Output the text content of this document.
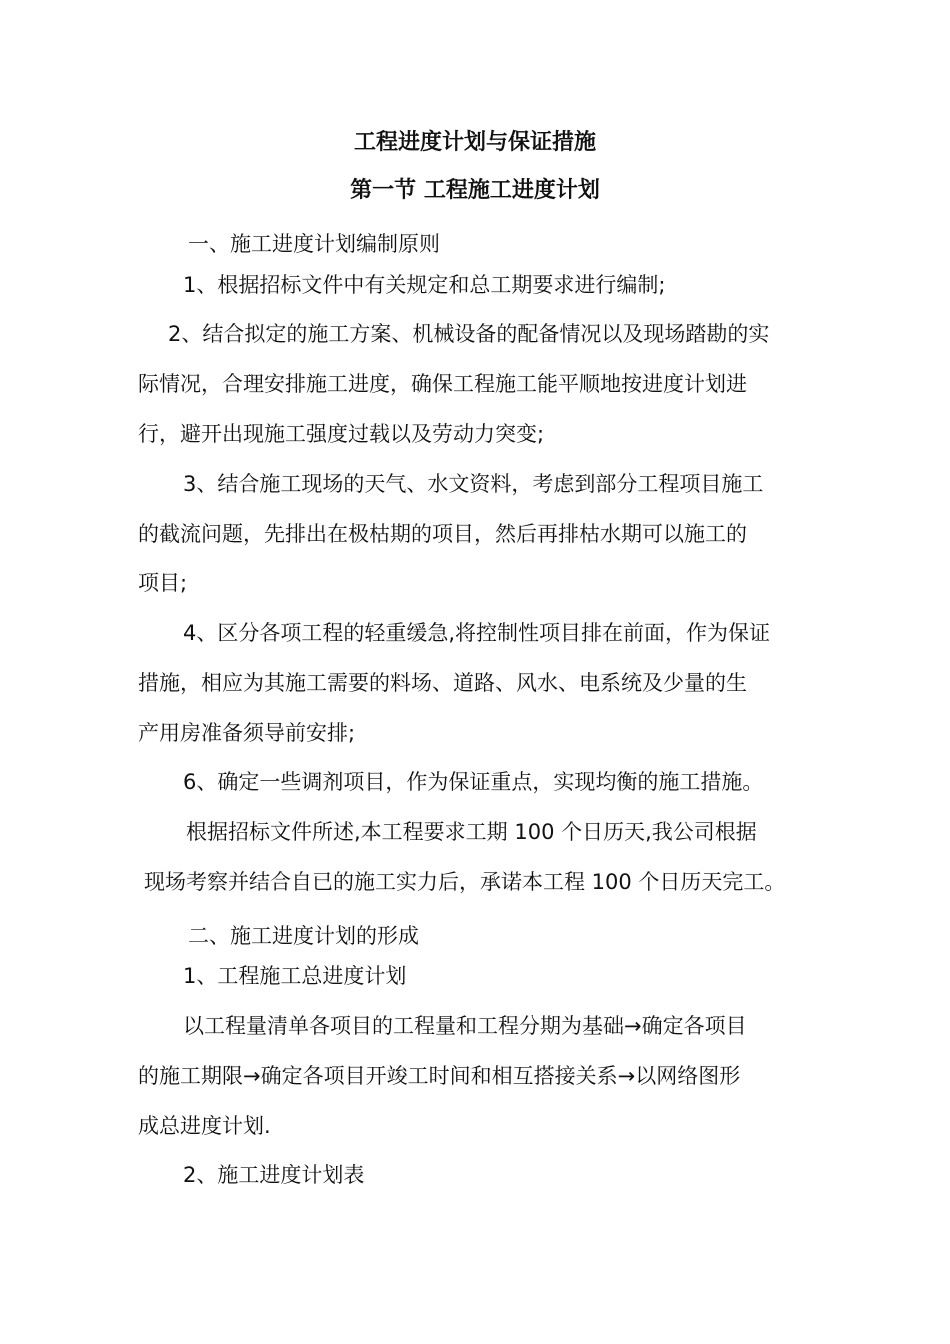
工程进度计划与保证措施
第一节 工程施工进度计划
一、施工进度计划编制原则
1、根据招标文件中有关规定和总工期要求进行编制;
2、结合拟定的施工方案、机械设备的配备情况以及现场踏勘的实
际情况，合理安排施工进度，确保工程施工能平顺地按进度计划进
行，避开出现施工强度过载以及劳动力突变;
3、结合施工现场的天气、水文资料，考虑到部分工程项目施工
的截流问题，先排出在极枯期的项目，然后再排枯水期可以施工的
项目;
4、区分各项工程的轻重缓急,将控制性项目排在前面，作为保证
措施，相应为其施工需要的料场、道路、风水、电系统及少量的生
产用房准备须导前安排;
6、确定一些调剂项目，作为保证重点，实现均衡的施工措施。
根据招标文件所述,本工程要求工期 100 个日历天,我公司根据
现场考察并结合自已的施工实力后，承诺本工程 100 个日历天完工。
二、施工进度计划的形成
1、工程施工总进度计划
以工程量清单各项目的工程量和工程分期为基础→确定各项目
的施工期限→确定各项目开竣工时间和相互搭接关系→以网络图形
成总进度计划.
2、施工进度计划表
